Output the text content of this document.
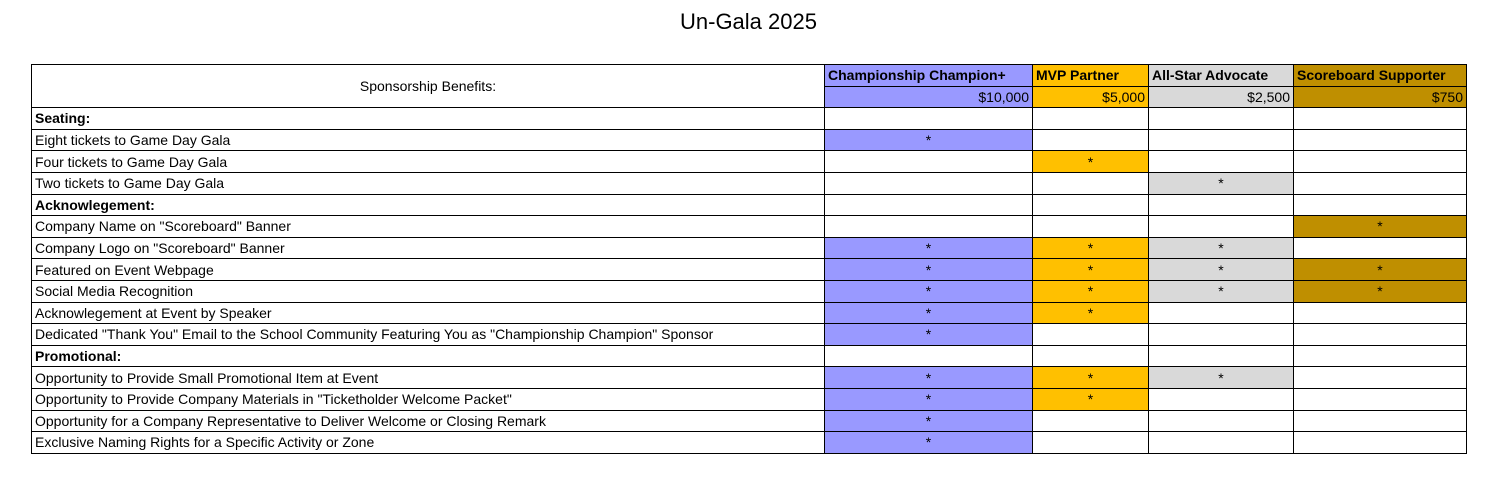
Un-Gala 2025
Sponsorship Benefits:	Championship Champion+	MVP Partner	All-Star Advocate	Scoreboard Supporter
	$10,000	$5,000	$2,500	$750
Seating:				
Eight tickets to Game Day Gala	*			
Four tickets to Game Day Gala		*		
Two tickets to Game Day Gala			*	
Acknowlegement:				
Company Name on "Scoreboard" Banner				*
Company Logo on "Scoreboard" Banner	*	*	*	
Featured on Event Webpage	*	*	*	*
Social Media Recognition	*	*	*	*
Acknowlegement at Event by Speaker	*	*		
Dedicated "Thank You" Email to the School Community Featuring You as "Championship Champion" Sponsor	*			
Promotional:				
Opportunity to Provide Small Promotional Item at Event	*	*	*	
Opportunity to Provide Company Materials in "Ticketholder Welcome Packet"	*	*		
Opportunity for a Company Representative to Deliver Welcome or Closing Remark	*			
Exclusive Naming Rights for a Specific Activity or Zone	*			
